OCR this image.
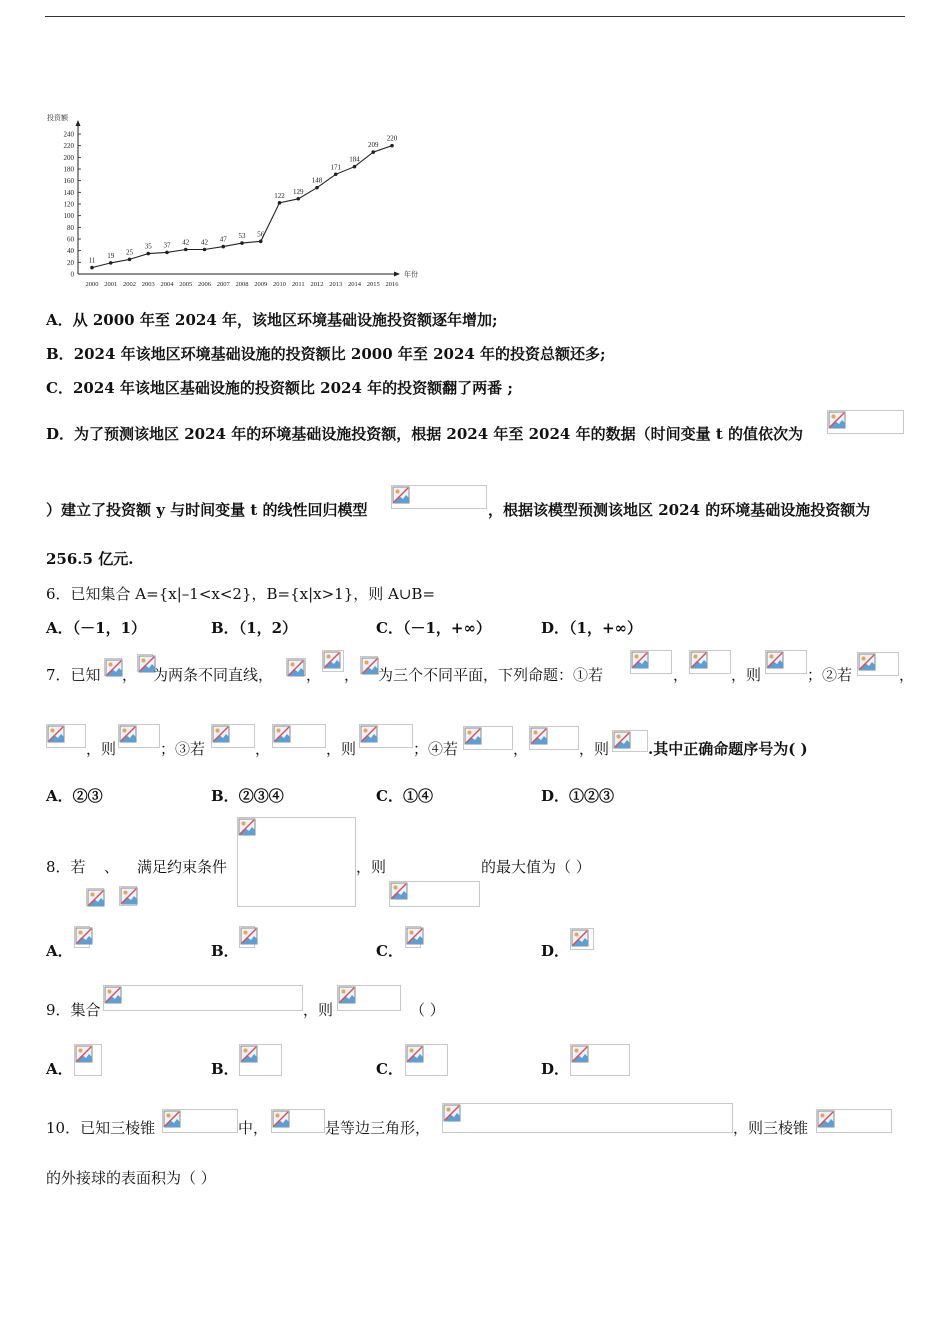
0
20
40
60
80
100
120
140
160
180
200
220
240
投资额
年份
2000 2001 2002 2003 2004 2005 2006 2007 2008 2009 2010 2011 2012 2013 2014 2015 2016
11
19 25
35 37 42 42 47 53 56
122
129
148
171
184
209
220
A．从 2000 年至 2024 年，该地区环境基础设施投资额逐年增加;
B．2024 年该地区环境基础设施的投资额比 2000 年至 2024 年的投资总额还多;
C．2024 年该地区基础设施的投资额比 2024 年的投资额翻了两番 ;
D．为了预测该地区 2024 年的环境基础设施投资额，根据 2024 年至 2024 年的数据（时间变量 t 的值依次为
）建立了投资额 y 与时间变量 t 的线性回归模型	，根据该模型预测该地区 2024 的环境基础设施投资额为
256.5 亿元.
6．已知集合 A={x|–1<x<2}，B={x|x>1}，则 A∪B=
A．（－1，1）	B．（1，2）	C．（－1，+∞）	D．（1，+∞）
7．已知 ， 为两条不同直线， ， ， 为三个不同平面，下列命题：①若	，	，则	；②若	，
，则	；③若	，	，则	；④若	，	，则	.其中正确命题序号为( )
A．②③	B．②③④	C．①④	D．①②③
8．若 、 满足约束条件	，则	的最大值为（ ）
A．	B．	C．	D．
9．集合	，则	（ ）
A．	B．	C．	D．
10．已知三棱锥	中，	是等边三角形，	，则三棱锥
的外接球的表面积为（ ）
